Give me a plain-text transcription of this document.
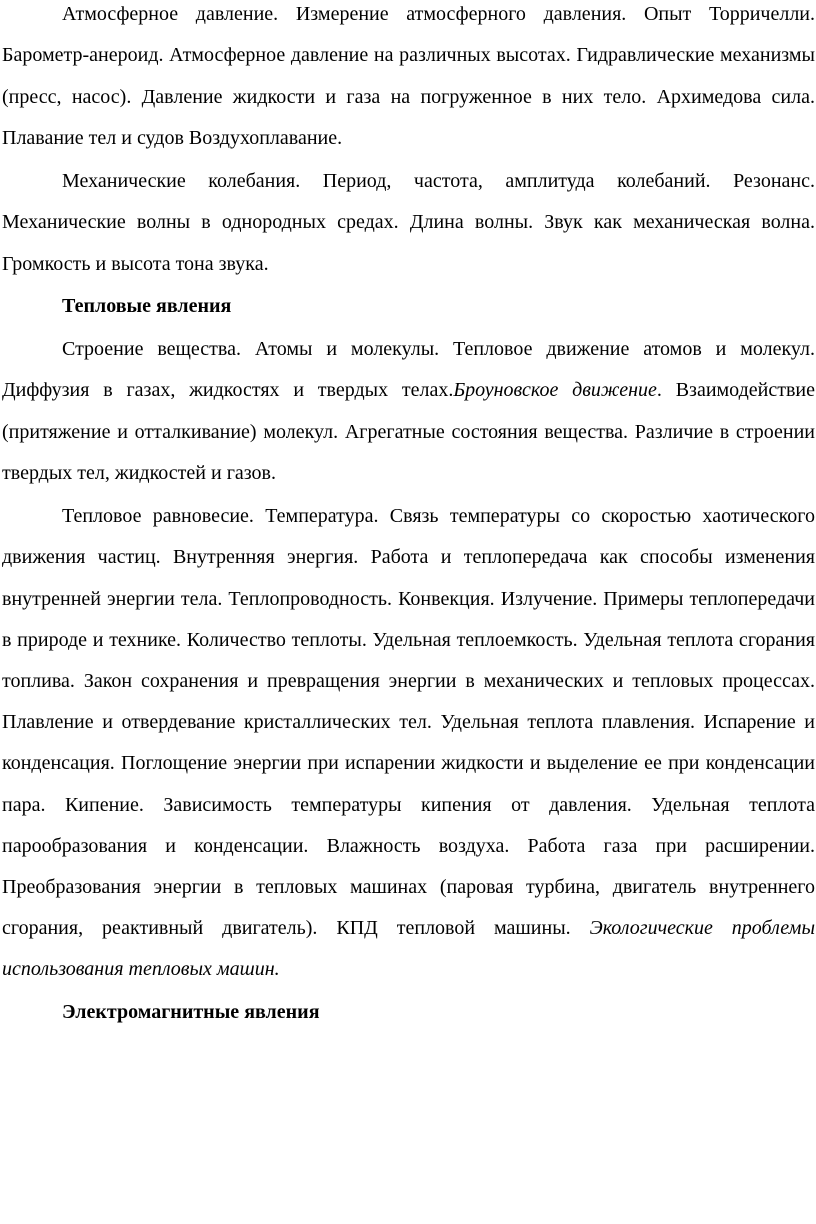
Атмосферное давление. Измерение атмосферного давления. Опыт Торричелли. Барометр-анероид. Атмосферное давление на различных высотах. Гидравлические механизмы (пресс, насос). Давление жидкости и газа на погруженное в них тело. Архимедова сила. Плавание тел и судов Воздухоплавание.

Механические колебания. Период, частота, амплитуда колебаний. Резонанс. Механические волны в однородных средах. Длина волны. Звук как механическая волна. Громкость и высота тона звука.

Тепловые явления

Строение вещества. Атомы и молекулы. Тепловое движение атомов и молекул. Диффузия в газах, жидкостях и твердых телах.Броуновское движение. Взаимодействие (притяжение и отталкивание) молекул. Агрегатные состояния вещества. Различие в строении твердых тел, жидкостей и газов.

Тепловое равновесие. Температура. Связь температуры со скоростью хаотического движения частиц. Внутренняя энергия. Работа и теплопередача как способы изменения внутренней энергии тела. Теплопроводность. Конвекция. Излучение. Примеры теплопередачи в природе и технике. Количество теплоты. Удельная теплоемкость. Удельная теплота сгорания топлива. Закон сохранения и превращения энергии в механических и тепловых процессах. Плавление и отвердевание кристаллических тел. Удельная теплота плавления. Испарение и конденсация. Поглощение энергии при испарении жидкости и выделение ее при конденсации пара. Кипение. Зависимость температуры кипения от давления. Удельная теплота парообразования и конденсации. Влажность воздуха. Работа газа при расширении. Преобразования энергии в тепловых машинах (паровая турбина, двигатель внутреннего сгорания, реактивный двигатель). КПД тепловой машины. Экологические проблемы использования тепловых машин.

Электромагнитные явления
